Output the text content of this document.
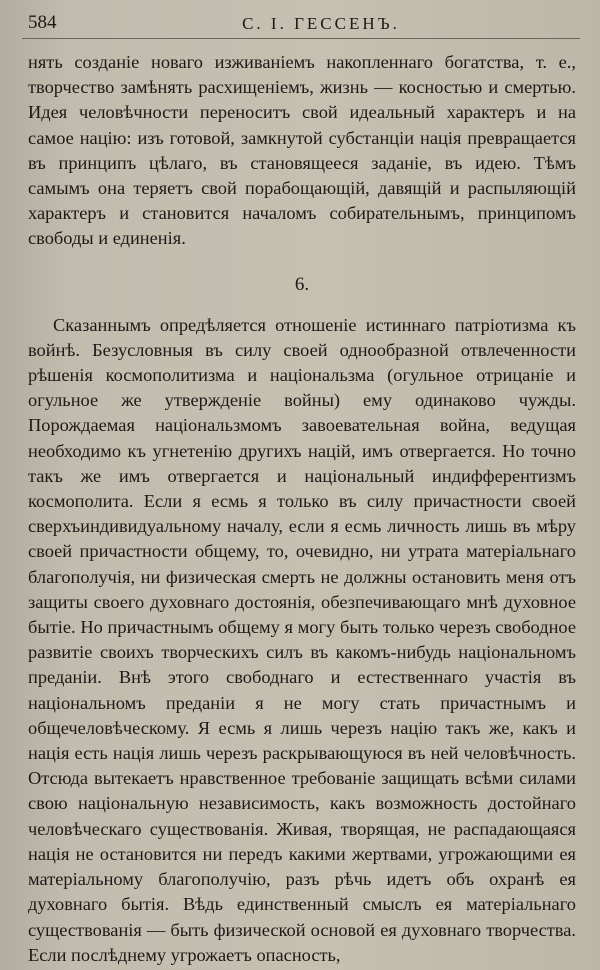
584	С. І. ГЕССЕНЪ.

нять созданіе новаго изживаніемъ накопленнаго богатства, т. е., творчество замѣнять расхищеніемъ, жизнь — косностью и смертью. Идея человѣчности переноситъ свой идеальный характеръ и на самое націю: изъ готовой, замкнутой субстанціи нація превращается въ принципъ цѣлаго, въ становящееся заданіе, въ идею. Тѣмъ самымъ она теряетъ свой порабощающій, давящій и распыляющій характеръ и становится началомъ собирательнымъ, принципомъ свободы и единенія.

6.

Сказаннымъ опредѣляется отношеніе истиннаго патріотизма къ войнѣ. Безусловныя въ силу своей однообразной отвлеченности рѣшенія космополитизма и національзма (огульное отрицаніе и огульное же утвержденіе войны) ему одинаково чужды. Порождаемая національзмомъ завоевательная война, ведущая необходимо къ угнетенію другихъ націй, имъ отвергается. Но точно такъ же имъ отвергается и національный индифферентизмъ космополита. Если я есмь я только въ силу причастности своей сверхъиндивидуальному началу, если я есмь личность лишь въ мѣру своей причастности общему, то, очевидно, ни утрата матеріальнаго благополучія, ни физическая смерть не должны остановить меня отъ защиты своего духовнаго достоянія, обезпечивающаго мнѣ духовное бытіе. Но причастнымъ общему я могу быть только черезъ свободное развитіе своихъ творческихъ силъ въ какомъ-нибудь національномъ преданіи. Внѣ этого свободнаго и естественнаго участія въ національномъ преданіи я не могу стать причастнымъ и общечеловѣческому. Я есмь я лишь черезъ націю такъ же, какъ и нація есть нація лишь черезъ раскрывающуюся въ ней человѣчность. Отсюда вытекаетъ нравственное требованіе защищать всѣми силами свою національную независимость, какъ возможность достойнаго человѣческаго существованія. Живая, творящая, не распадающаяся нація не остановится ни передъ какими жертвами, угрожающими ея матеріальному благополучію, разъ рѣчь идетъ объ охранѣ ея духовнаго бытія. Вѣдь единственный смыслъ ея матеріальнаго существованія — быть физической основой ея духовнаго творчества. Если послѣднему угрожаетъ опасность,
